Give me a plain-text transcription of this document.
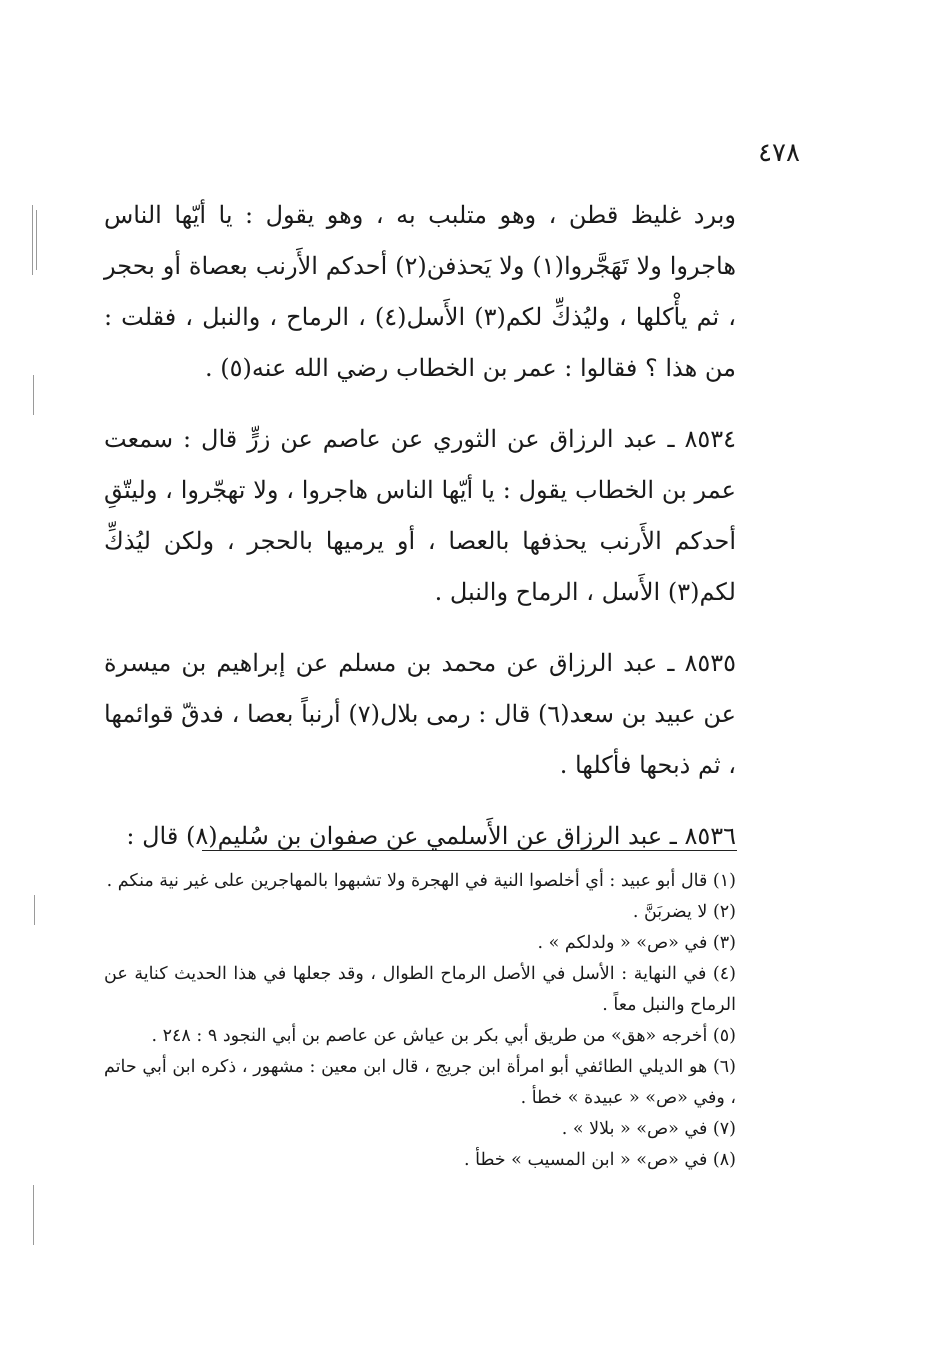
٤٧٨

وبرد غليظ قطن ، وهو متلبب به ، وهو يقول : يا أيّها الناس هاجروا ولا تَهَجَّروا(١) ولا يَحذفن(٢) أحدكم الأَرنب بعصاة أو بحجر ، ثم يأْكلها ، وليُذكِّ لكم(٣) الأَسل(٤) ، الرماح ، والنبل ، فقلت : من هذا ؟ فقالوا : عمر بن الخطاب رضي الله عنه(٥) .

٨٥٣٤ ـ عبد الرزاق عن الثوري عن عاصم عن زرٍّ قال : سمعت عمر بن الخطاب يقول : يا أيّها الناس هاجروا ، ولا تهجّروا ، وليتّقِ أحدكم الأَرنب يحذفها بالعصا ، أو يرميها بالحجر ، ولكن ليُذكِّ لكم(٣) الأَسل ، الرماح والنبل .

٨٥٣٥ ـ عبد الرزاق عن محمد بن مسلم عن إبراهيم بن ميسرة عن عبيد بن سعد(٦) قال : رمى بلال(٧) أرنباً بعصا ، فدقّ قوائمها ، ثم ذبحها فأكلها .

٨٥٣٦ ـ عبد الرزاق عن الأَسلمي عن صفوان بن سُليم(٨) قال :

(١) قال أبو عبيد : أي أخلصوا النية في الهجرة ولا تشبهوا بالمهاجرين على غير نية منكم .

(٢) لا يضربَنَّ .

(٣) في «ص» « ولدلكم » .

(٤) في النهاية : الأسل في الأصل الرماح الطوال ، وقد جعلها في هذا الحديث كناية عن الرماح والنبل معاً .

(٥) أخرجه «هق» من طريق أبي بكر بن عياش عن عاصم بن أبي النجود ٩ : ٢٤٨ .

(٦) هو الديلي الطائفي أبو امرأة ابن جريج ، قال ابن معين : مشهور ، ذكره ابن أبي حاتم ، وفي «ص» « عبيدة » خطأ .

(٧) في «ص» « بلالا » .

(٨) في «ص» « ابن المسيب » خطأ .
